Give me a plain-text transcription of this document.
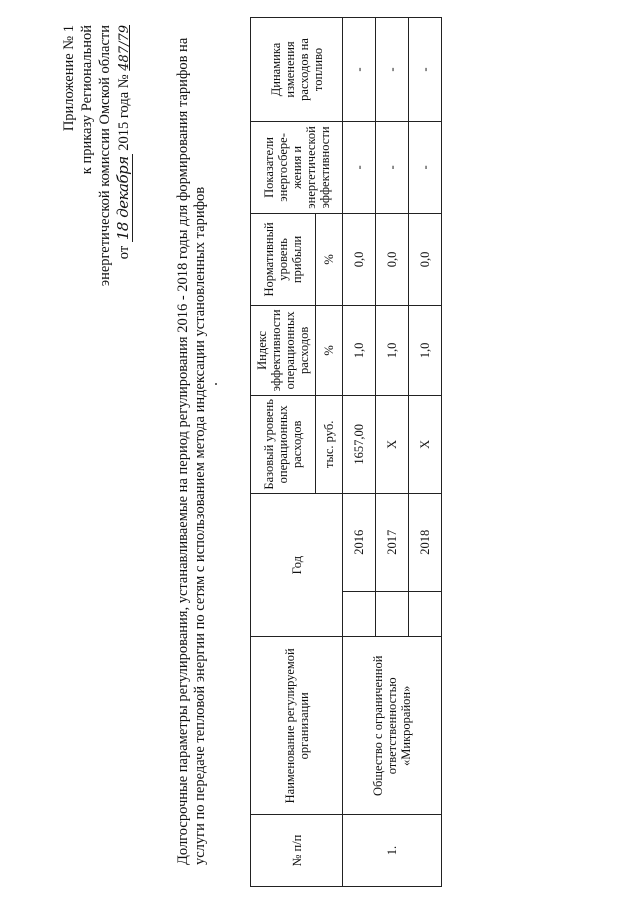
Приложение № 1 к приказу Региональной энергетической комиссии Омской области от 18 декабря 2015 года № 487/79	Долгосрочные параметры регулирования, устанавливаемые на период регулирования 2016 - 2018 годы для формирования тарифов на услуги по передаче тепловой энергии по сетям с использованием метода индексации установленных тарифов	№ п/п	Наименование регулируемой организации	Год		Базовый уровень операционных расходов	Индекс эффективности операционных расходов	Нормативный уровень прибыли	Показатели энергосбере-жения и энергетической эффективности	Динамика изменения расходов на топливо
				тыс. руб.	%	%		
1.	Общество с ограниченной ответственностью «Микрорайон»		2016	1657,00	1,0	0,0	-	-
			2017	X	1,0	0,0	-	-
			2018	X	1,0	0,0	-	-
